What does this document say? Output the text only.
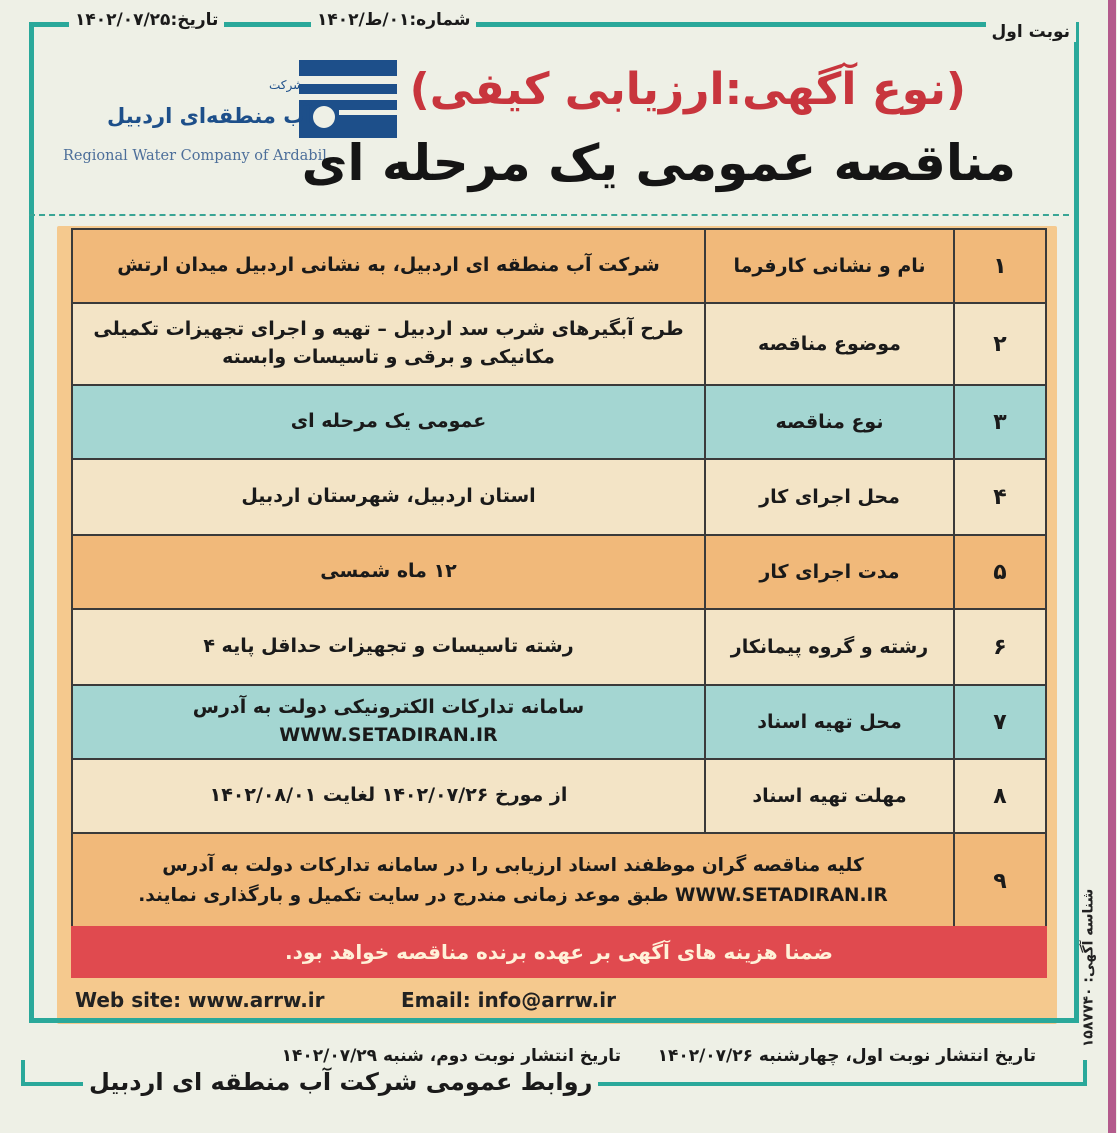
نوبت اول
شماره:۰۱/ط/۱۴۰۲
تاریخ:۱۴۰۲/۰۷/۲۵
شناسه آگهی: ۱۵۸۷۷۴۰
شرکت
آب منطقه‌ای اردبیل
Regional Water Company of Ardabil
(نوع آگهی:ارزیابی کیفی)
مناقصه عمومی یک مرحله ای
۱	نام و نشانی کارفرما	شرکت آب منطقه ای اردبیل، به نشانی اردبیل میدان ارتش
۲	موضوع مناقصه	طرح آبگیرهای شرب سد اردبیل – تهیه و اجرای تجهیزات تکمیلی مکانیکی و برقی و تاسیسات وابسته
۳	نوع مناقصه	عمومی یک مرحله ای
۴	محل اجرای کار	استان اردبیل، شهرستان اردبیل
۵	مدت اجرای کار	۱۲ ماه شمسی
۶	رشته و گروه پیمانکار	رشته تاسیسات و تجهیزات حداقل پایه ۴
۷	محل تهیه اسناد	سامانه تدارکات الکترونیکی دولت به آدرس WWW.SETADIRAN.IR
۸	مهلت تهیه اسناد	از مورخ ۱۴۰۲/۰۷/۲۶ لغایت ۱۴۰۲/۰۸/۰۱
۹	کلیه مناقصه گران موظفند اسناد ارزیابی را در سامانه تدارکات دولت به آدرس WWW.SETADIRAN.IR طبق موعد زمانی مندرج در سایت تکمیل و بارگذاری نمایند.	
ضمنا هزینه های آگهی بر عهده برنده مناقصه خواهد بود.
Web site: www.arrw.ir	Email: info@arrw.ir
تاریخ انتشار نوبت اول، چهارشنبه ۱۴۰۲/۰۷/۲۶
تاریخ انتشار نوبت دوم، شنبه ۱۴۰۲/۰۷/۲۹
روابط عمومی شرکت آب منطقه ای اردبیل
